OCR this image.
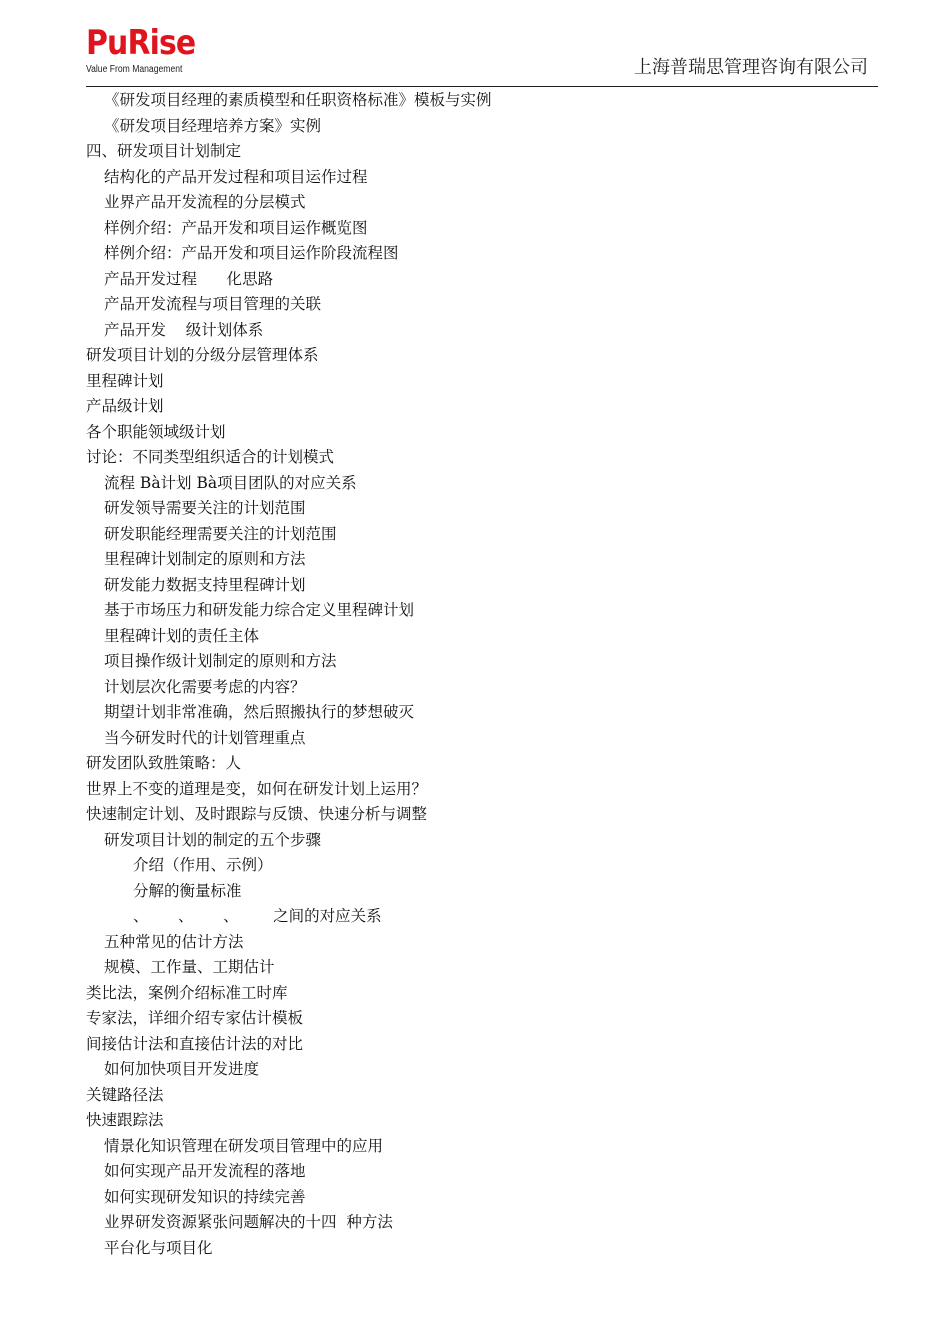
PuRise
Value From Management	上海普瑞思管理咨询有限公司
《研发项目经理的素质模型和任职资格标准》模板与实例
《研发项目经理培养方案》实例
四、研发项目计划制定
结构化的产品开发过程和项目运作过程
业界产品开发流程的分层模式
样例介绍：产品开发和项目运作概览图
样例介绍：产品开发和项目运作阶段流程图
产品开发过程      化思路
产品开发流程与项目管理的关联
产品开发    级计划体系
研发项目计划的分级分层管理体系
里程碑计划
产品级计划
各个职能领域级计划
讨论：不同类型组织适合的计划模式
流程 Bà计划 Bà项目团队的对应关系
研发领导需要关注的计划范围
研发职能经理需要关注的计划范围
里程碑计划制定的原则和方法
研发能力数据支持里程碑计划
基于市场压力和研发能力综合定义里程碑计划
里程碑计划的责任主体
项目操作级计划制定的原则和方法
计划层次化需要考虑的内容？
期望计划非常准确，然后照搬执行的梦想破灭
当今研发时代的计划管理重点
研发团队致胜策略：人
世界上不变的道理是变，如何在研发计划上运用？
快速制定计划、及时跟踪与反馈、快速分析与调整
研发项目计划的制定的五个步骤
介绍（作用、示例）
分解的衡量标准
、      、      、       之间的对应关系
五种常见的估计方法
规模、工作量、工期估计
类比法，案例介绍标准工时库
专家法，详细介绍专家估计模板
间接估计法和直接估计法的对比
如何加快项目开发进度
关键路径法
快速跟踪法
情景化知识管理在研发项目管理中的应用
如何实现产品开发流程的落地
如何实现研发知识的持续完善
业界研发资源紧张问题解决的十四  种方法
平台化与项目化
